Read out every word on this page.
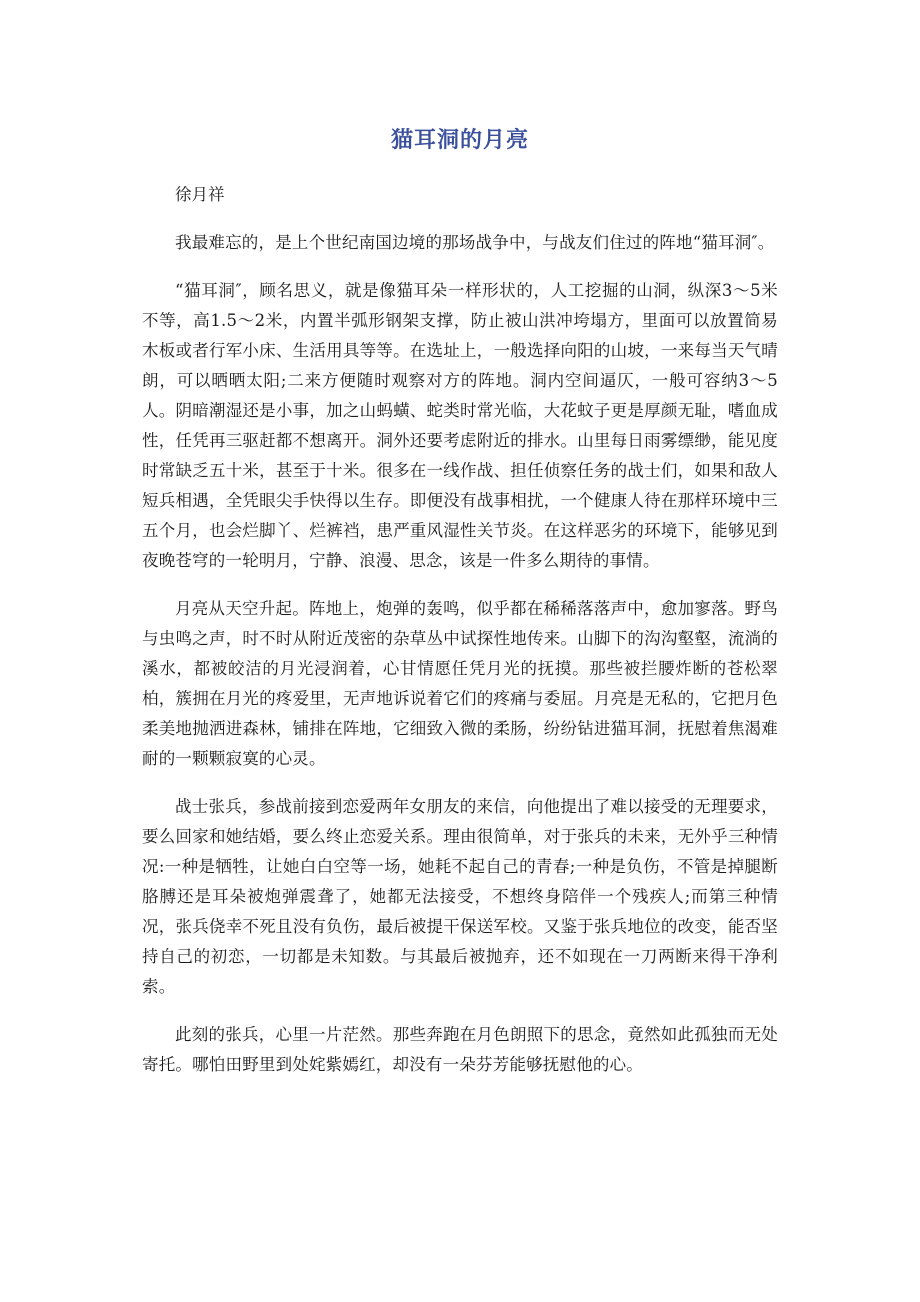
猫耳洞的月亮

徐月祥

我最难忘的，是上个世纪南国边境的那场战争中，与战友们住过的阵地“猫耳洞″。

“猫耳洞″，顾名思义，就是像猫耳朵一样形状的，人工挖掘的山洞，纵深3～5米不等，高1.5～2米，内置半弧形钢架支撑，防止被山洪冲垮塌方，里面可以放置简易木板或者行军小床、生活用具等等。在选址上，一般选择向阳的山坡，一来每当天气晴朗，可以晒晒太阳;二来方便随时观察对方的阵地。洞内空间逼仄，一般可容纳3～5人。阴暗潮湿还是小事，加之山蚂蟥、蛇类时常光临，大花蚊子更是厚颜无耻，嗜血成性，任凭再三驱赶都不想离开。洞外还要考虑附近的排水。山里每日雨雾缥缈，能见度时常缺乏五十米，甚至于十米。很多在一线作战、担任侦察任务的战士们，如果和敌人短兵相遇，全凭眼尖手快得以生存。即便没有战事相扰，一个健康人待在那样环境中三五个月，也会烂脚丫、烂裤裆，患严重风湿性关节炎。在这样恶劣的环境下，能够见到夜晚苍穹的一轮明月，宁静、浪漫、思念，该是一件多么期待的事情。

月亮从天空升起。阵地上，炮弹的轰鸣，似乎都在稀稀落落声中，愈加寥落。野鸟与虫鸣之声，时不时从附近茂密的杂草丛中试探性地传来。山脚下的沟沟壑壑，流淌的溪水，都被皎洁的月光浸润着，心甘情愿任凭月光的抚摸。那些被拦腰炸断的苍松翠柏，簇拥在月光的疼爱里，无声地诉说着它们的疼痛与委屈。月亮是无私的，它把月色柔美地抛洒进森林，铺排在阵地，它细致入微的柔肠，纷纷钻进猫耳洞，抚慰着焦渴难耐的一颗颗寂寞的心灵。

战士张兵，参战前接到恋爱两年女朋友的来信，向他提出了难以接受的无理要求，要么回家和她结婚，要么终止恋爱关系。理由很简单，对于张兵的未来，无外乎三种情况:一种是牺牲，让她白白空等一场，她耗不起自己的青春;一种是负伤，不管是掉腿断胳膊还是耳朵被炮弹震聋了，她都无法接受，不想终身陪伴一个残疾人;而第三种情况，张兵侥幸不死且没有负伤，最后被提干保送军校。又鉴于张兵地位的改变，能否坚持自己的初恋，一切都是未知数。与其最后被抛弃，还不如现在一刀两断来得干净利索。

此刻的张兵，心里一片茫然。那些奔跑在月色朗照下的思念，竟然如此孤独而无处寄托。哪怕田野里到处姹紫嫣红，却没有一朵芬芳能够抚慰他的心。
